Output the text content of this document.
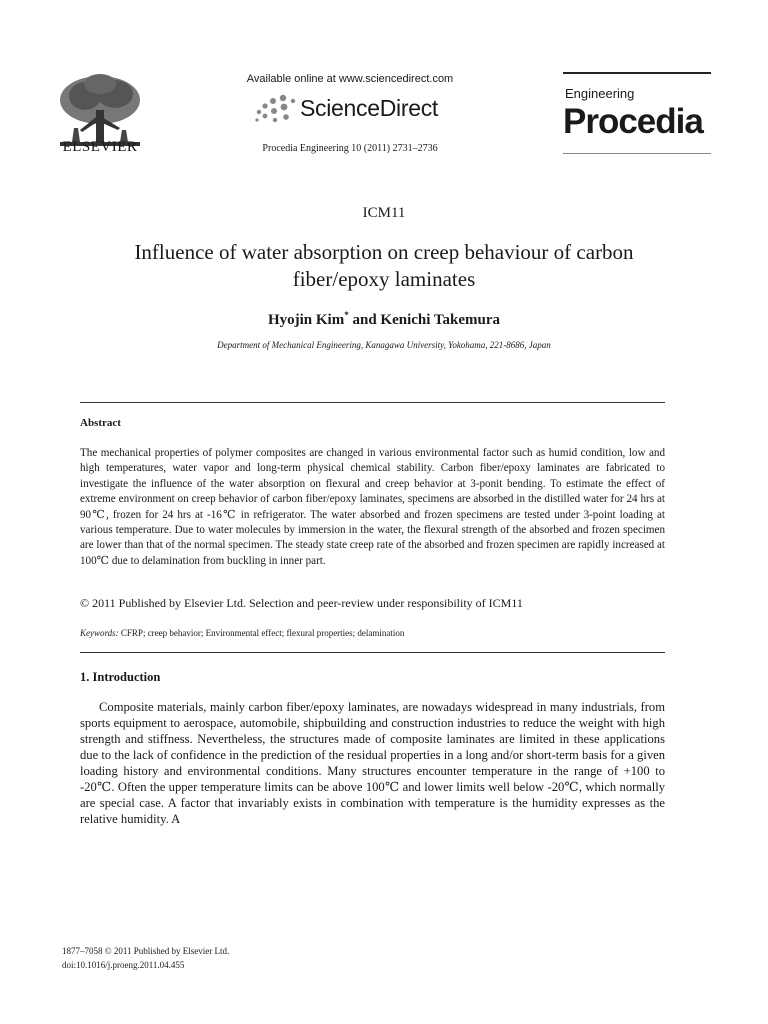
ELSEVIER
Available online at www.sciencedirect.com
ScienceDirect
Procedia Engineering 10 (2011) 2731–2736
Engineering
Procedia
ICM11
Influence of water absorption on creep behaviour of carbon
fiber/epoxy laminates
Hyojin Kim* and Kenichi Takemura
Department of Mechanical Engineering, Kanagawa University, Yokohama, 221-8686, Japan
Abstract
The mechanical properties of polymer composites are changed in various environmental factor such as humid condition, low and high temperatures, water vapor and long-term physical chemical stability. Carbon fiber/epoxy laminates are fabricated to investigate the influence of the water absorption on flexural and creep behavior at 3-ponit bending. To estimate the effect of extreme environment on creep behavior of carbon fiber/epoxy laminates, specimens are absorbed in the distilled water for 24 hrs at 90℃, frozen for 24 hrs at -16℃ in refrigerator. The water absorbed and frozen specimens are tested under 3-point loading at various temperature. Due to water molecules by immersion in the water, the flexural strength of the absorbed and frozen specimen are lower than that of the normal specimen. The steady state creep rate of the absorbed and frozen specimen are rapidly increased at 100℃ due to delamination from buckling in inner part.
© 2011 Published by Elsevier Ltd. Selection and peer-review under responsibility of ICM11
Keywords: CFRP; creep behavior; Environmental effect; flexural properties; delamination
1. Introduction
Composite materials, mainly carbon fiber/epoxy laminates, are nowadays widespread in many industrials, from sports equipment to aerospace, automobile, shipbuilding and construction industries to reduce the weight with high strength and stiffness. Nevertheless, the structures made of composite laminates are limited in these applications due to the lack of confidence in the prediction of the residual properties in a long and/or short-term basis for a given loading history and environmental conditions. Many structures encounter temperature in the range of +100 to -20℃. Often the upper temperature limits can be above 100℃ and lower limits well below -20℃, which normally are special case. A factor that invariably exists in combination with temperature is the humidity expresses as the relative humidity. A
1877–7058 © 2011 Published by Elsevier Ltd.
doi:10.1016/j.proeng.2011.04.455
